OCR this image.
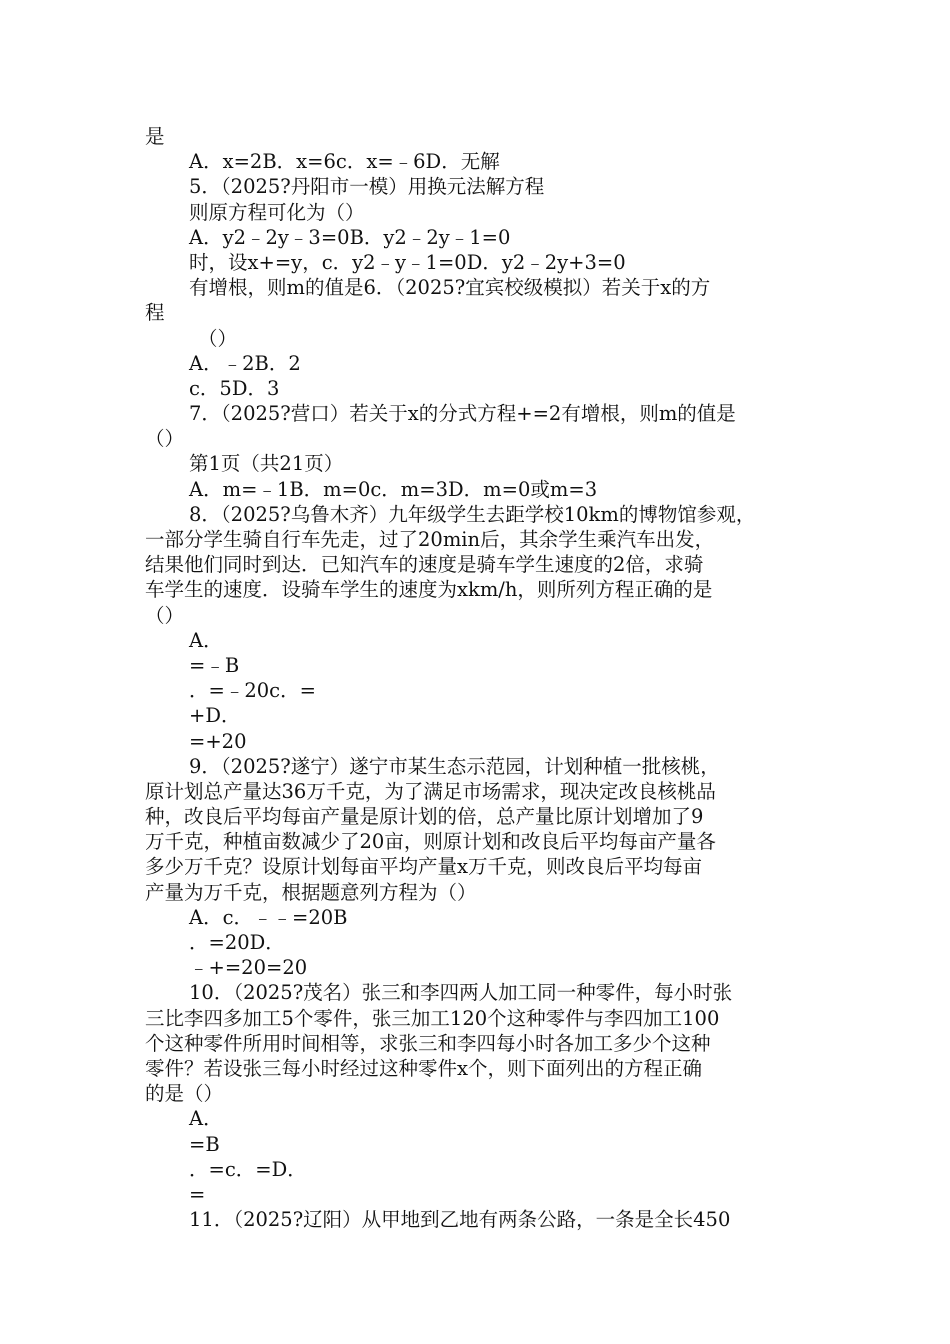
是
A．x=2B．x=6c．x=﹣6D．无解
5．（2025?丹阳市一模）用换元法解方程
则原方程可化为（）
A．y2﹣2y﹣3=0B．y2﹣2y﹣1=0
时，设x+=y，c．y2﹣y﹣1=0D．y2﹣2y+3=0
有增根，则m的值是6．（2025?宜宾校级模拟）若关于x的方
程
（）
A．﹣2B．2
c．5D．3
7．（2025?营口）若关于x的分式方程+=2有增根，则m的值是
（）
第1页（共21页）
A．m=﹣1B．m=0c．m=3D．m=0或m=3
8．（2025?乌鲁木齐）九年级学生去距学校10km的博物馆参观，
一部分学生骑自行车先走，过了20min后，其余学生乘汽车出发，
结果他们同时到达．已知汽车的速度是骑车学生速度的2倍，求骑
车学生的速度．设骑车学生的速度为xkm/h，则所列方程正确的是
（）
A．
=﹣B
．=﹣20c．=
+D．
=+20
9．（2025?遂宁）遂宁市某生态示范园，计划种植一批核桃，
原计划总产量达36万千克，为了满足市场需求，现决定改良核桃品
种，改良后平均每亩产量是原计划的倍，总产量比原计划增加了9
万千克，种植亩数减少了20亩，则原计划和改良后平均每亩产量各
多少万千克？设原计划每亩平均产量x万千克，则改良后平均每亩
产量为万千克，根据题意列方程为（）
A．c．﹣﹣=20B
．=20D．
﹣+=20=20
10．（2025?茂名）张三和李四两人加工同一种零件，每小时张
三比李四多加工5个零件，张三加工120个这种零件与李四加工100
个这种零件所用时间相等，求张三和李四每小时各加工多少个这种
零件？若设张三每小时经过这种零件x个，则下面列出的方程正确
的是（）
A．
=B
．=c．=D．
=
11．（2025?辽阳）从甲地到乙地有两条公路，一条是全长450
